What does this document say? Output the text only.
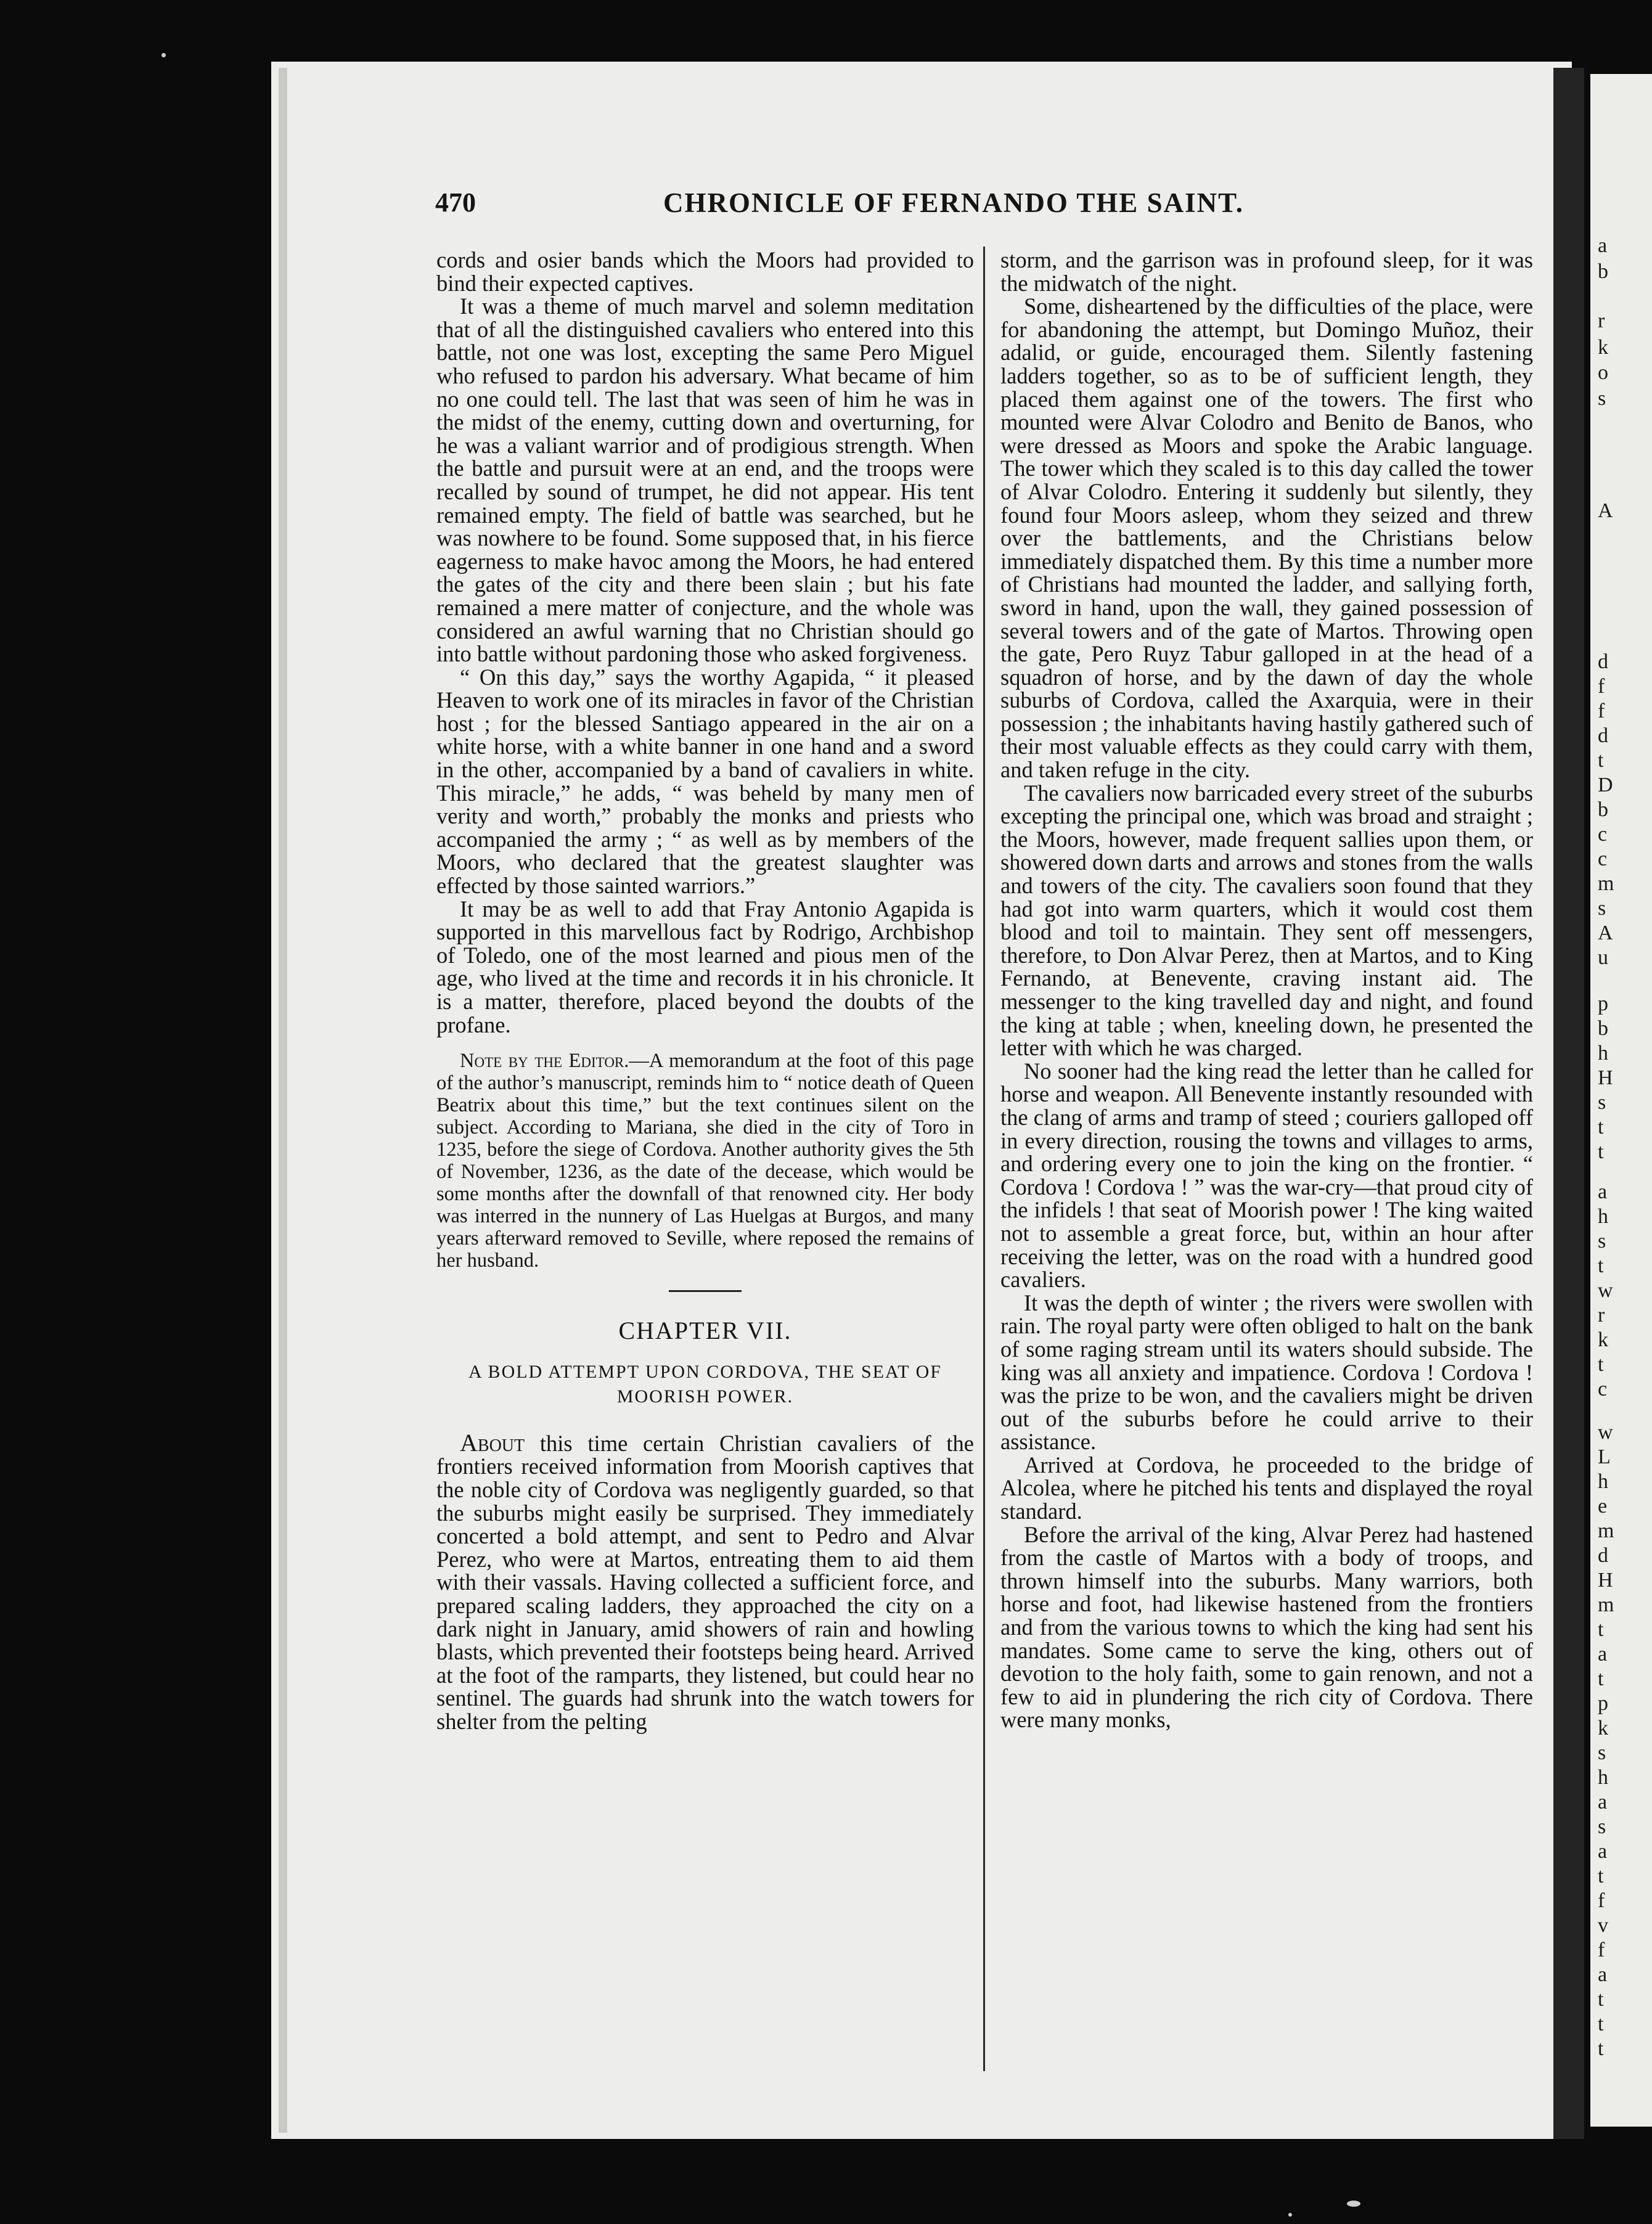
a
b
r
k
o
s
A
d
f
f
d
t
D
b
c
c
m
s
A
u
p
b
h
H
s
t
t
a
h
s
t
w
r
k
t
c
w
L
h
e
m
d
H
m
t
a
t
p
k
s
h
a
s
a
t
f
v
f
a
t
t
t
470	CHRONICLE OF FERNANDO THE SAINT.

cords and osier bands which the Moors had provided to bind their expected captives.

It was a theme of much marvel and solemn meditation that of all the distinguished cavaliers who entered into this battle, not one was lost, excepting the same Pero Miguel who refused to pardon his adversary. What became of him no one could tell. The last that was seen of him he was in the midst of the enemy, cutting down and overturning, for he was a valiant warrior and of prodigious strength. When the battle and pursuit were at an end, and the troops were recalled by sound of trumpet, he did not appear. His tent remained empty. The field of battle was searched, but he was nowhere to be found. Some supposed that, in his fierce eagerness to make havoc among the Moors, he had entered the gates of the city and there been slain ; but his fate remained a mere matter of conjecture, and the whole was considered an awful warning that no Christian should go into battle without pardoning those who asked forgiveness.

“ On this day,” says the worthy Agapida, “ it pleased Heaven to work one of its miracles in favor of the Christian host ; for the blessed Santiago appeared in the air on a white horse, with a white banner in one hand and a sword in the other, accompanied by a band of cavaliers in white. This miracle,” he adds, “ was beheld by many men of verity and worth,” probably the monks and priests who accompanied the army ; “ as well as by members of the Moors, who declared that the greatest slaughter was effected by those sainted warriors.”

It may be as well to add that Fray Antonio Agapida is supported in this marvellous fact by Rodrigo, Archbishop of Toledo, one of the most learned and pious men of the age, who lived at the time and records it in his chronicle. It is a matter, therefore, placed beyond the doubts of the profane.

Note by the Editor.—A memorandum at the foot of this page of the author’s manuscript, reminds him to “ notice death of Queen Beatrix about this time,” but the text continues silent on the subject. According to Mariana, she died in the city of Toro in 1235, before the siege of Cordova. Another authority gives the 5th of November, 1236, as the date of the decease, which would be some months after the downfall of that renowned city. Her body was interred in the nunnery of Las Huelgas at Burgos, and many years afterward removed to Seville, where reposed the remains of her husband.

CHAPTER VII.

A BOLD ATTEMPT UPON CORDOVA, THE SEAT OF MOORISH POWER.

About this time certain Christian cavaliers of the frontiers received information from Moorish captives that the noble city of Cordova was negligently guarded, so that the suburbs might easily be surprised. They immediately concerted a bold attempt, and sent to Pedro and Alvar Perez, who were at Martos, entreating them to aid them with their vassals. Having collected a sufficient force, and prepared scaling ladders, they approached the city on a dark night in January, amid showers of rain and howling blasts, which prevented their footsteps being heard. Arrived at the foot of the ramparts, they listened, but could hear no sentinel. The guards had shrunk into the watch towers for shelter from the pelting

storm, and the garrison was in profound sleep, for it was the midwatch of the night.

Some, disheartened by the difficulties of the place, were for abandoning the attempt, but Domingo Muñoz, their adalid, or guide, encouraged them. Silently fastening ladders together, so as to be of sufficient length, they placed them against one of the towers. The first who mounted were Alvar Colodro and Benito de Banos, who were dressed as Moors and spoke the Arabic language. The tower which they scaled is to this day called the tower of Alvar Colodro. Entering it suddenly but silently, they found four Moors asleep, whom they seized and threw over the battlements, and the Christians below immediately dispatched them. By this time a number more of Christians had mounted the ladder, and sallying forth, sword in hand, upon the wall, they gained possession of several towers and of the gate of Martos. Throwing open the gate, Pero Ruyz Tabur galloped in at the head of a squadron of horse, and by the dawn of day the whole suburbs of Cordova, called the Axarquia, were in their possession ; the inhabitants having hastily gathered such of their most valuable effects as they could carry with them, and taken refuge in the city.

The cavaliers now barricaded every street of the suburbs excepting the principal one, which was broad and straight ; the Moors, however, made frequent sallies upon them, or showered down darts and arrows and stones from the walls and towers of the city. The cavaliers soon found that they had got into warm quarters, which it would cost them blood and toil to maintain. They sent off messengers, therefore, to Don Alvar Perez, then at Martos, and to King Fernando, at Benevente, craving instant aid. The messenger to the king travelled day and night, and found the king at table ; when, kneeling down, he presented the letter with which he was charged.

No sooner had the king read the letter than he called for horse and weapon. All Benevente instantly resounded with the clang of arms and tramp of steed ; couriers galloped off in every direction, rousing the towns and villages to arms, and ordering every one to join the king on the frontier. “ Cordova ! Cordova ! ” was the war-cry—that proud city of the infidels ! that seat of Moorish power ! The king waited not to assemble a great force, but, within an hour after receiving the letter, was on the road with a hundred good cavaliers.

It was the depth of winter ; the rivers were swollen with rain. The royal party were often obliged to halt on the bank of some raging stream until its waters should subside. The king was all anxiety and impatience. Cordova ! Cordova ! was the prize to be won, and the cavaliers might be driven out of the suburbs before he could arrive to their assistance.

Arrived at Cordova, he proceeded to the bridge of Alcolea, where he pitched his tents and displayed the royal standard.

Before the arrival of the king, Alvar Perez had hastened from the castle of Martos with a body of troops, and thrown himself into the suburbs. Many warriors, both horse and foot, had likewise hastened from the frontiers and from the various towns to which the king had sent his mandates. Some came to serve the king, others out of devotion to the holy faith, some to gain renown, and not a few to aid in plundering the rich city of Cordova. There were many monks,
